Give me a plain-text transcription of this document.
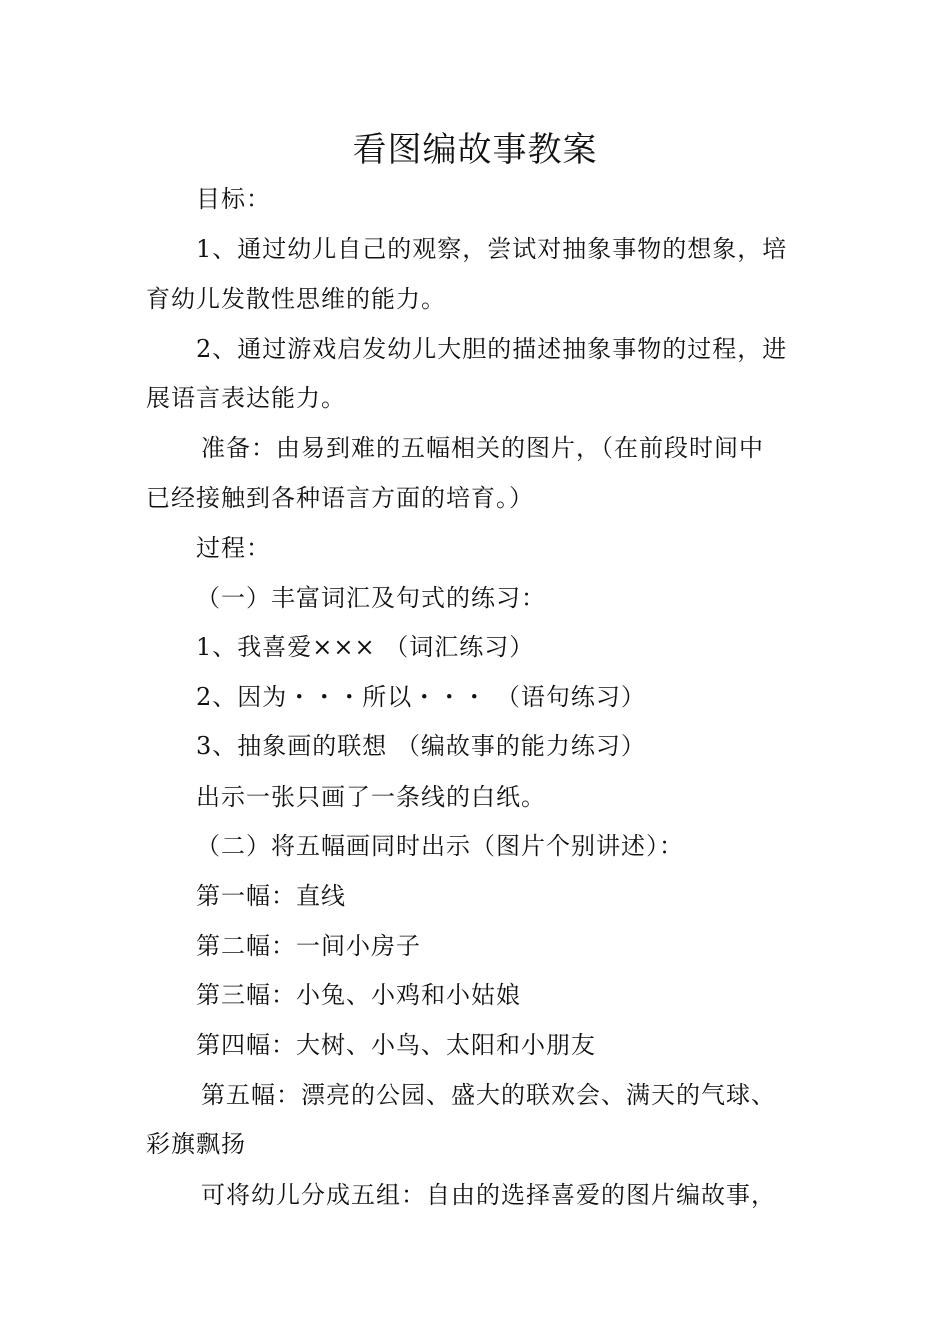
看图编故事教案
目标：
1、通过幼儿自己的观察，尝试对抽象事物的想象，培
育幼儿发散性思维的能力。
2、通过游戏启发幼儿大胆的描述抽象事物的过程，进
展语言表达能力。
准备：由易到难的五幅相关的图片，（在前段时间中
已经接触到各种语言方面的培育。）
过程：
（一）丰富词汇及句式的练习：
1、我喜爱××× （词汇练习）
2、因为・・・所以・・・ （语句练习）
3、抽象画的联想 （编故事的能力练习）
出示一张只画了一条线的白纸。
（二）将五幅画同时出示（图片个别讲述）：
第一幅：直线
第二幅：一间小房子
第三幅：小兔、小鸡和小姑娘
第四幅：大树、小鸟、太阳和小朋友
第五幅：漂亮的公园、盛大的联欢会、满天的气球、
彩旗飘扬
可将幼儿分成五组：自由的选择喜爱的图片编故事，
